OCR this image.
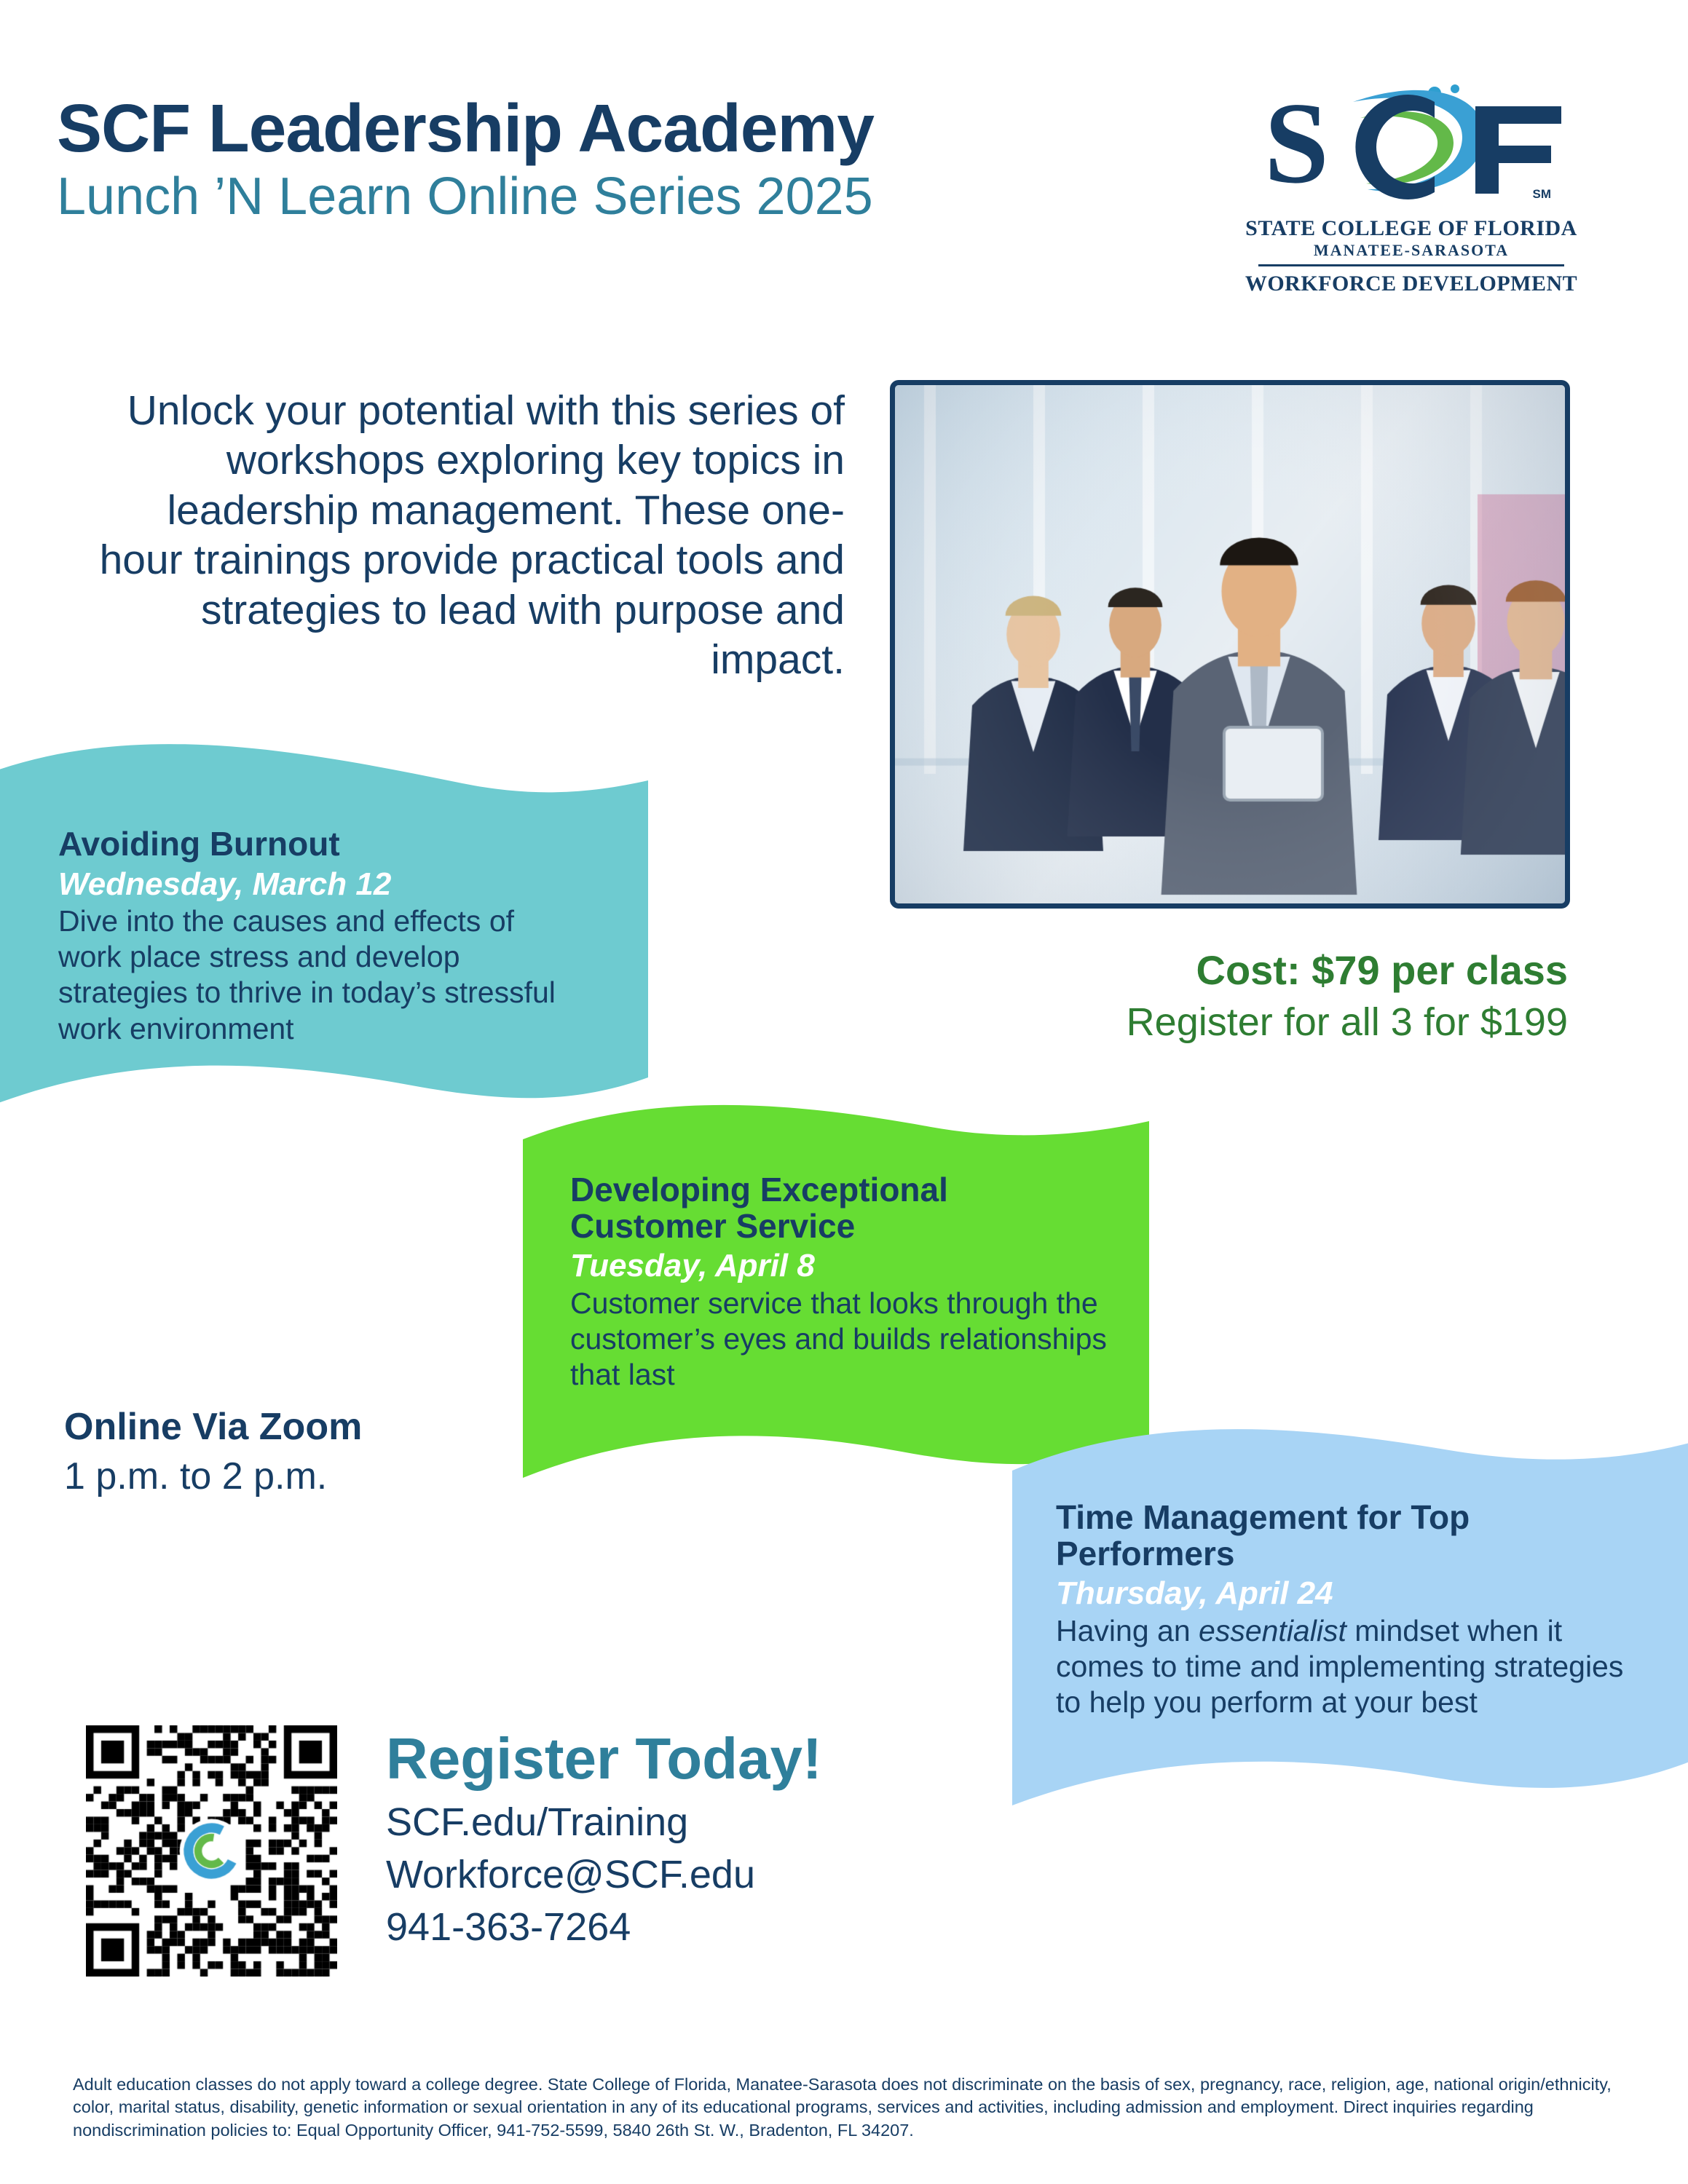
SCF Leadership Academy
Lunch ’N Learn Online Series 2025	S	SM
STATE COLLEGE OF FLORIDA
MANATEE-SARASOTA
WORKFORCE DEVELOPMENT
Unlock your potential with this series of workshops exploring key topics in leadership management. These one-hour trainings provide practical tools and strategies to lead with purpose and impact.
Cost: $79 per class
Register for all 3 for $199
Avoiding Burnout
Wednesday, March 12
Dive into the causes and effects of work place stress and develop strategies to thrive in today’s stressful work environment
Developing Exceptional Customer Service
Tuesday, April 8
Customer service that looks through the customer’s eyes and builds relationships that last
Time Management for Top Performers
Thursday, April 24
Having an essentialist mindset when it comes to time and implementing strategies to help you perform at your best
Online Via Zoom
1 p.m. to 2 p.m.
Register Today!
SCF.edu/Training
Workforce@SCF.edu
941-363-7264
Adult education classes do not apply toward a college degree. State College of Florida, Manatee-Sarasota does not discriminate on the basis of sex, pregnancy, race, religion, age, national origin/ethnicity, color, marital status, disability, genetic information or sexual orientation in any of its educational programs, services and activities, including admission and employment. Direct inquiries regarding nondiscrimination policies to: Equal Opportunity Officer, 941-752-5599, 5840 26th St. W., Bradenton, FL 34207.
